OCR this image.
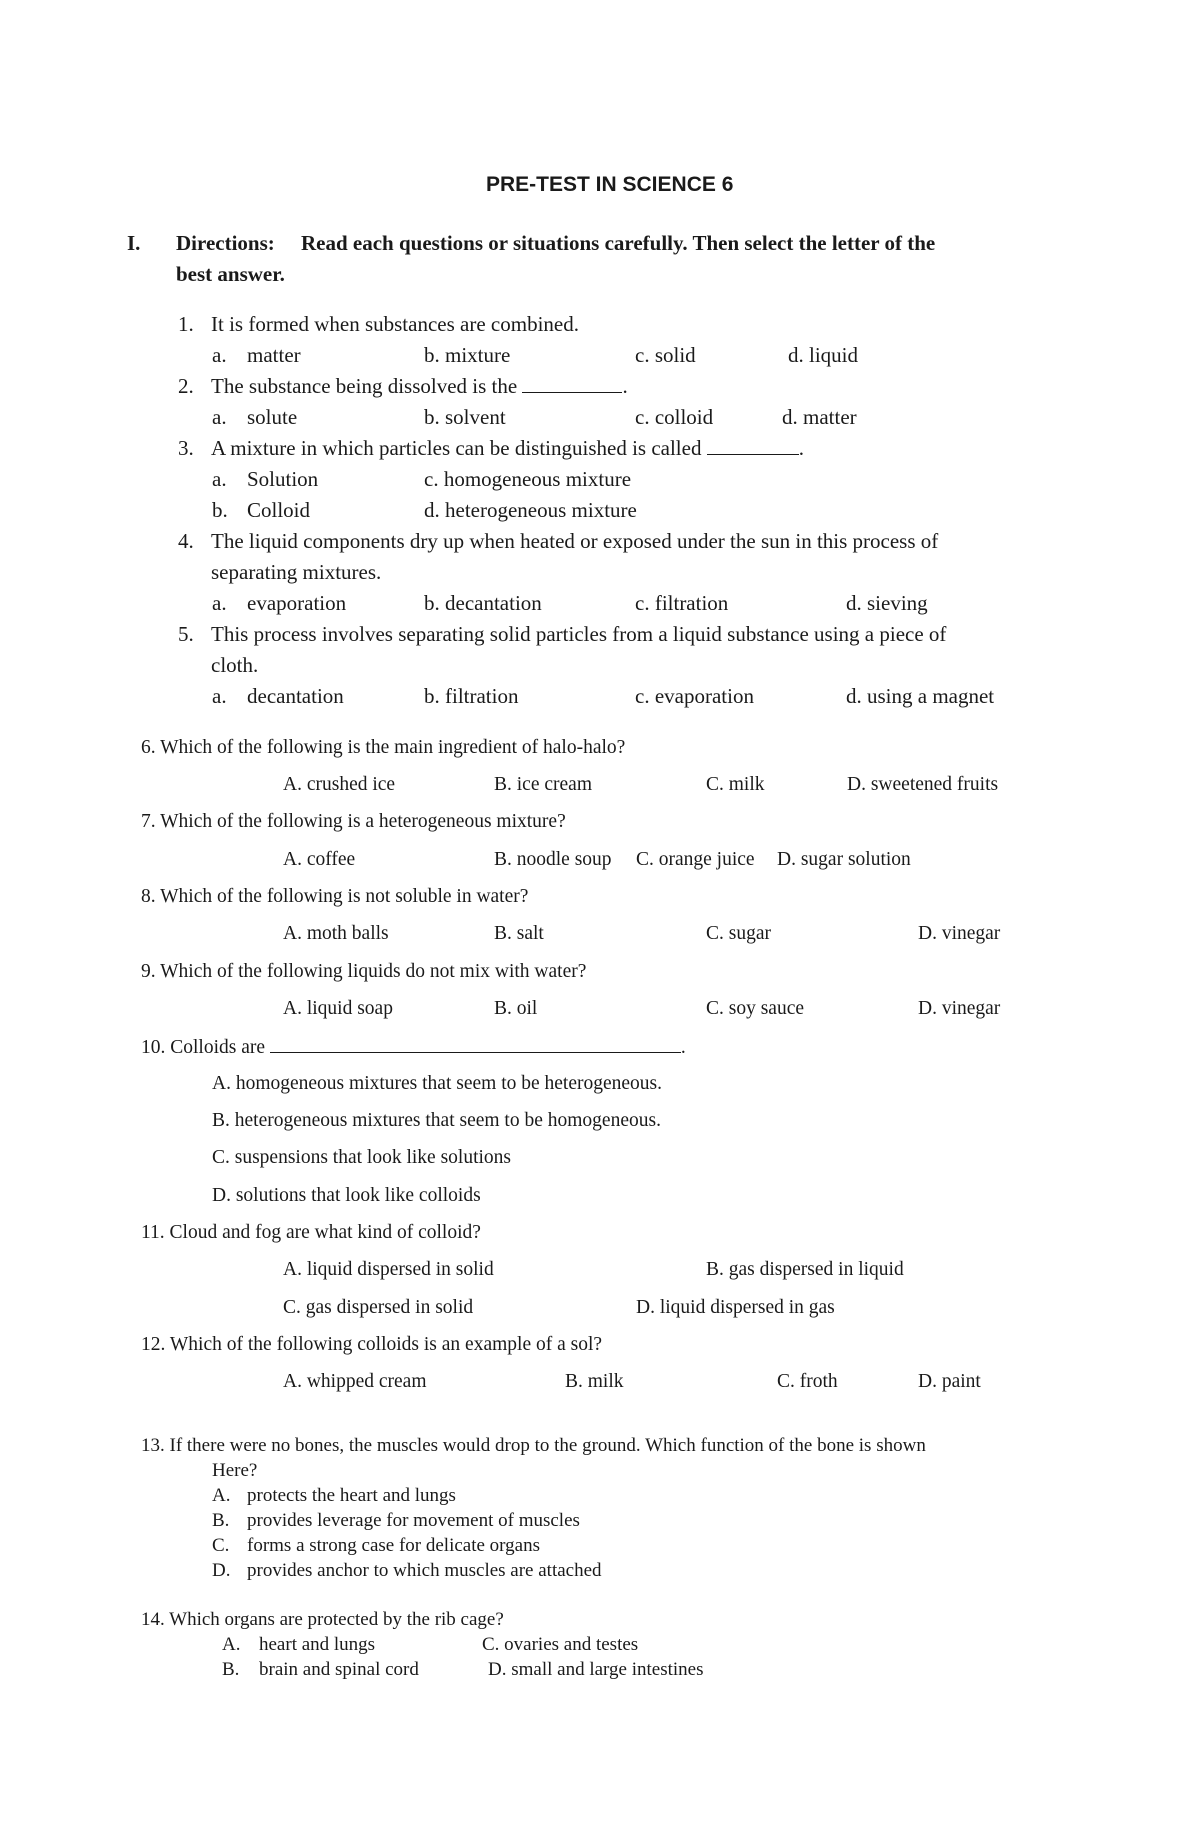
PRE-TEST IN SCIENCE 6
I. Directions: Read each questions or situations carefully. Then select the letter of the
best answer.
1. It is formed when substances are combined.
a. matter	b. mixture	c. solid	d. liquid
2. The substance being dissolved is the	.
a. solute	b. solvent	c. colloid	d. matter
3. A mixture in which particles can be distinguished is called	.
a. Solution	c. homogeneous mixture
b. Colloid	d. heterogeneous mixture
4. The liquid components dry up when heated or exposed under the sun in this process of
separating mixtures.
a. evaporation	b. decantation	c. filtration	d. sieving
5. This process involves separating solid particles from a liquid substance using a piece of
cloth.
a. decantation	b. filtration	c. evaporation	d. using a magnet
6. Which of the following is the main ingredient of halo-halo?
A. crushed ice	B. ice cream	C. milk	D. sweetened fruits
7. Which of the following is a heterogeneous mixture?
A. coffee	B. noodle soup C. orange juice D. sugar solution
8. Which of the following is not soluble in water?
A. moth balls	B. salt	C. sugar	D. vinegar
9. Which of the following liquids do not mix with water?
A. liquid soap	B. oil	C. soy sauce	D. vinegar
10. Colloids are	.
A. homogeneous mixtures that seem to be heterogeneous.
B. heterogeneous mixtures that seem to be homogeneous.
C. suspensions that look like solutions
D. solutions that look like colloids
11. Cloud and fog are what kind of colloid?
A. liquid dispersed in solid	B. gas dispersed in liquid
C. gas dispersed in solid	D. liquid dispersed in gas
12. Which of the following colloids is an example of a sol?
A. whipped cream	B. milk	C. froth	D. paint
13. If there were no bones, the muscles would drop to the ground. Which function of the bone is shown
Here?
A. protects the heart and lungs
B. provides leverage for movement of muscles
C. forms a strong case for delicate organs
D. provides anchor to which muscles are attached
14. Which organs are protected by the rib cage?
A. heart and lungs	C. ovaries and testes
B. brain and spinal cord	D. small and large intestines
